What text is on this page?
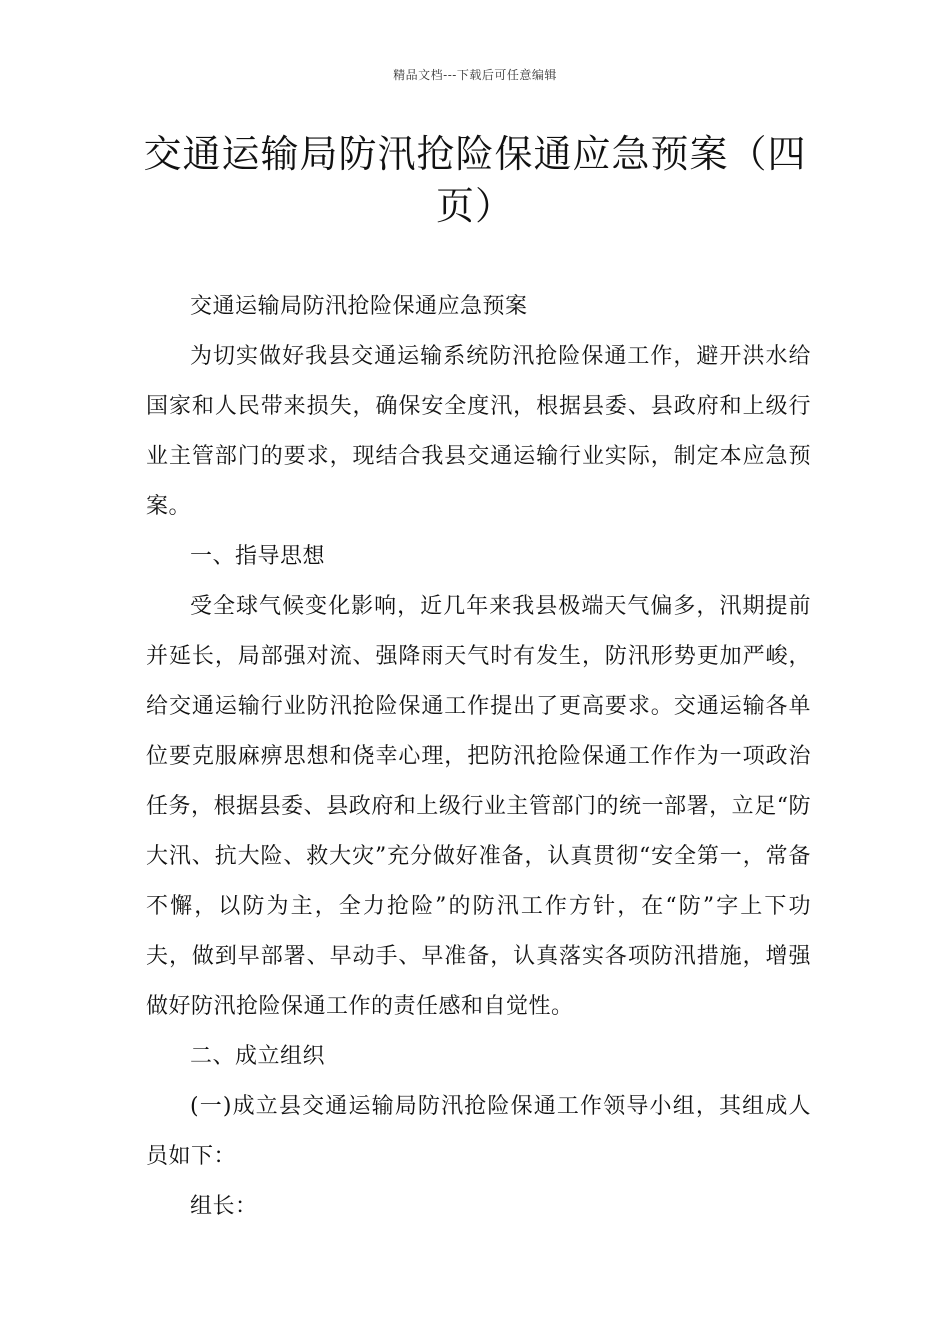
精品文档---下载后可任意编辑
交通运输局防汛抢险保通应急预案（四页）

交通运输局防汛抢险保通应急预案

为切实做好我县交通运输系统防汛抢险保通工作，避开洪水给国家和人民带来损失，确保安全度汛，根据县委、县政府和上级行业主管部门的要求，现结合我县交通运输行业实际，制定本应急预案。

一、指导思想

受全球气候变化影响，近几年来我县极端天气偏多，汛期提前并延长，局部强对流、强降雨天气时有发生，防汛形势更加严峻，给交通运输行业防汛抢险保通工作提出了更高要求。交通运输各单位要克服麻痹思想和侥幸心理，把防汛抢险保通工作作为一项政治任务，根据县委、县政府和上级行业主管部门的统一部署，立足“防大汛、抗大险、救大灾”充分做好准备，认真贯彻“安全第一，常备不懈，以防为主，全力抢险”的防汛工作方针，在“防”字上下功夫，做到早部署、早动手、早准备，认真落实各项防汛措施，增强做好防汛抢险保通工作的责任感和自觉性。

二、成立组织

(一)成立县交通运输局防汛抢险保通工作领导小组，其组成人员如下：

组长：
